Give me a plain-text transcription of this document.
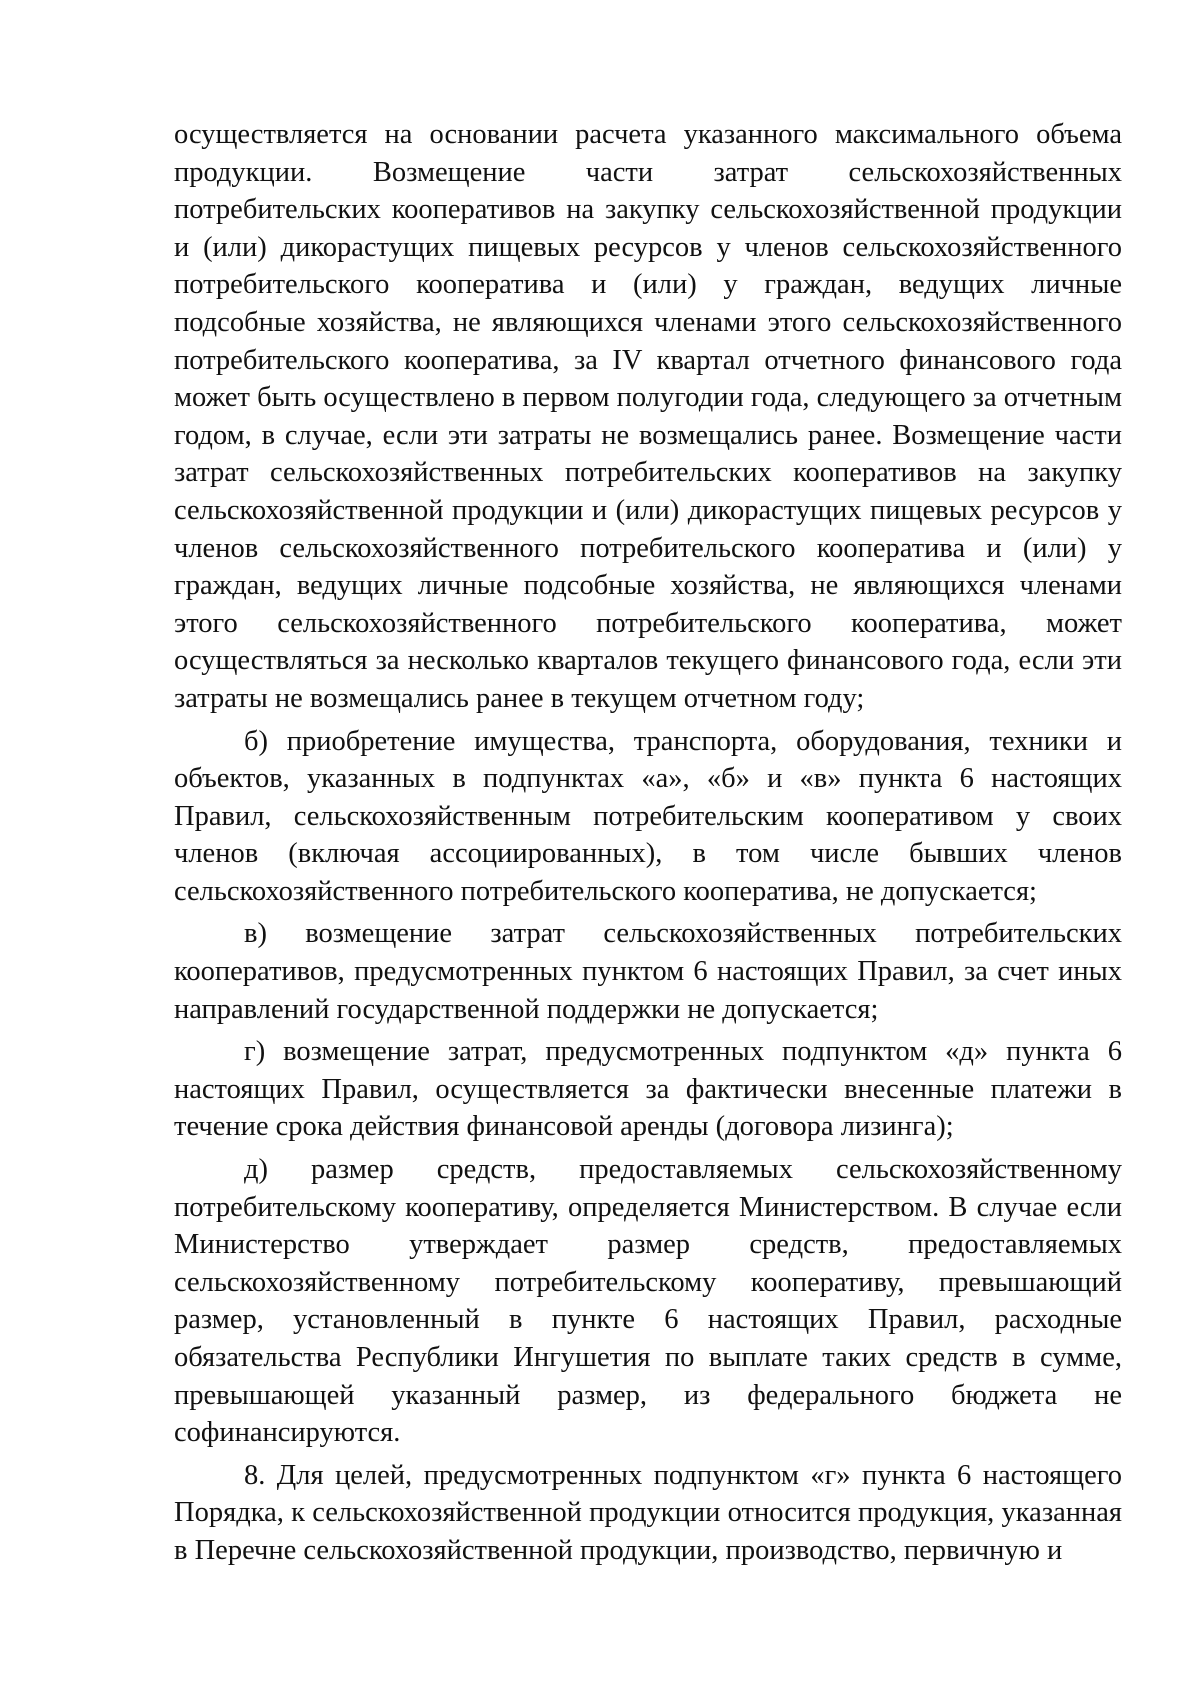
осуществляется на основании расчета указанного максимального объема продукции. Возмещение части затрат сельскохозяйственных потребительских кооперативов на закупку сельскохозяйственной продукции и (или) дикорастущих пищевых ресурсов у членов сельскохозяйственного потребительского кооператива и (или) у граждан, ведущих личные подсобные хозяйства, не являющихся членами этого сельскохозяйственного потребительского кооператива, за IV квартал отчетного финансового года может быть осуществлено в первом полугодии года, следующего за отчетным годом, в случае, если эти затраты не возмещались ранее. Возмещение части затрат сельскохозяйственных потребительских кооперативов на закупку сельскохозяйственной продукции и (или) дикорастущих пищевых ресурсов у членов сельскохозяйственного потребительского кооператива и (или) у граждан, ведущих личные подсобные хозяйства, не являющихся членами этого сельскохозяйственного потребительского кооператива, может осуществляться за несколько кварталов текущего финансового года, если эти затраты не возмещались ранее в текущем отчетном году;

б) приобретение имущества, транспорта, оборудования, техники и объектов, указанных в подпунктах «а», «б» и «в» пункта 6 настоящих Правил, сельскохозяйственным потребительским кооперативом у своих членов (включая ассоциированных), в том числе бывших членов сельскохозяйственного потребительского кооператива, не допускается;

в) возмещение затрат сельскохозяйственных потребительских кооперативов, предусмотренных пунктом 6 настоящих Правил, за счет иных направлений государственной поддержки не допускается;

г) возмещение затрат, предусмотренных подпунктом «д» пункта 6 настоящих Правил, осуществляется за фактически внесенные платежи в течение срока действия финансовой аренды (договора лизинга);

д) размер средств, предоставляемых сельскохозяйственному потребительскому кооперативу, определяется Министерством. В случае если Министерство утверждает размер средств, предоставляемых сельскохозяйственному потребительскому кооперативу, превышающий размер, установленный в пункте 6 настоящих Правил, расходные обязательства Республики Ингушетия по выплате таких средств в сумме, превышающей указанный размер, из федерального бюджета не софинансируются.

8. Для целей, предусмотренных подпунктом «г» пункта 6 настоящего Порядка, к сельскохозяйственной продукции относится продукция, указанная в Перечне сельскохозяйственной продукции, производство, первичную и
